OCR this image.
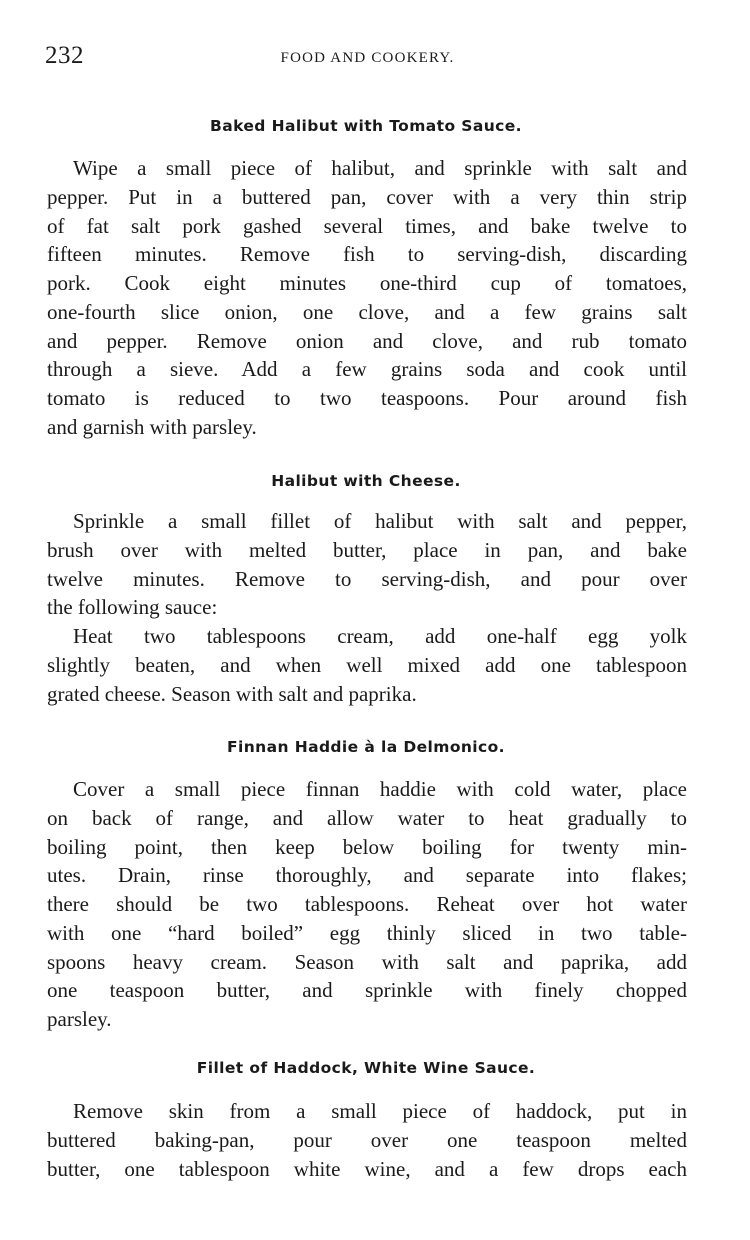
232	FOOD AND COOKERY.
Baked Halibut with Tomato Sauce.

Wipe a small piece of halibut, and sprinkle with salt and
pepper. Put in a buttered pan, cover with a very thin strip
of fat salt pork gashed several times, and bake twelve to
fifteen minutes. Remove fish to serving-dish, discarding
pork. Cook eight minutes one-third cup of tomatoes,
one-fourth slice onion, one clove, and a few grains salt
and pepper. Remove onion and clove, and rub tomato
through a sieve. Add a few grains soda and cook until
tomato is reduced to two teaspoons. Pour around fish
and garnish with parsley.

Halibut with Cheese.

Sprinkle a small fillet of halibut with salt and pepper,
brush over with melted butter, place in pan, and bake
twelve minutes. Remove to serving-dish, and pour over
the following sauce:
Heat two tablespoons cream, add one-half egg yolk
slightly beaten, and when well mixed add one tablespoon
grated cheese. Season with salt and paprika.

Finnan Haddie à la Delmonico.

Cover a small piece finnan haddie with cold water, place
on back of range, and allow water to heat gradually to
boiling point, then keep below boiling for twenty min-
utes. Drain, rinse thoroughly, and separate into flakes;
there should be two tablespoons. Reheat over hot water
with one “hard boiled” egg thinly sliced in two table-
spoons heavy cream. Season with salt and paprika, add
one teaspoon butter, and sprinkle with finely chopped
parsley.

Fillet of Haddock, White Wine Sauce.

Remove skin from a small piece of haddock, put in
buttered baking-pan, pour over one teaspoon melted
butter, one tablespoon white wine, and a few drops each
